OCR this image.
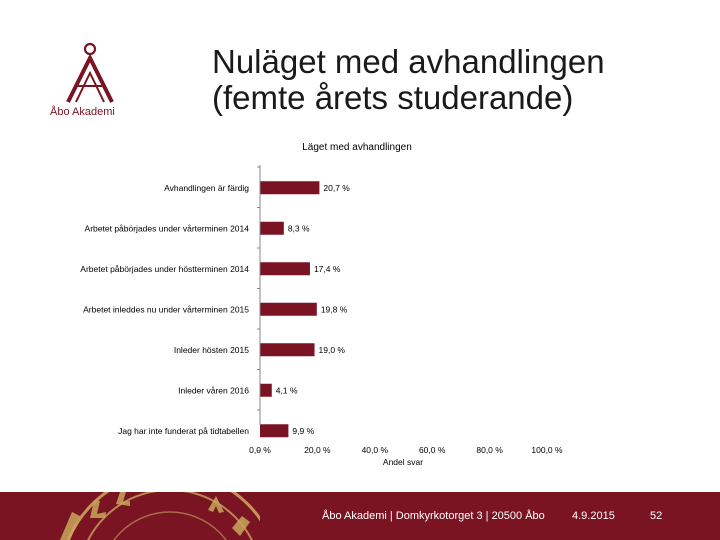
Åbo Akademi
Nuläget med avhandlingen
(femte årets studerande)
Läget med avhandlingen
Avhandlingen är färdig
Arbetet påbörjades under vårterminen 2014
Arbetet påbörjades under höstterminen 2014
Arbetet inleddes nu under vårterminen 2015
Inleder hösten 2015
Inleder våren 2016
Jag har inte funderat på tidtabellen
20,7 %
8,3 %
17,4 %
19,8 %
19,0 %
4,1 %
9,9 %
0,0 %	20,0 %	40,0 %	60,0 %	80,0 %	100,0 %
Andel svar
Åbo Akademi | Domkyrkotorget 3 | 20500 Åbo 4.9.2015	52
